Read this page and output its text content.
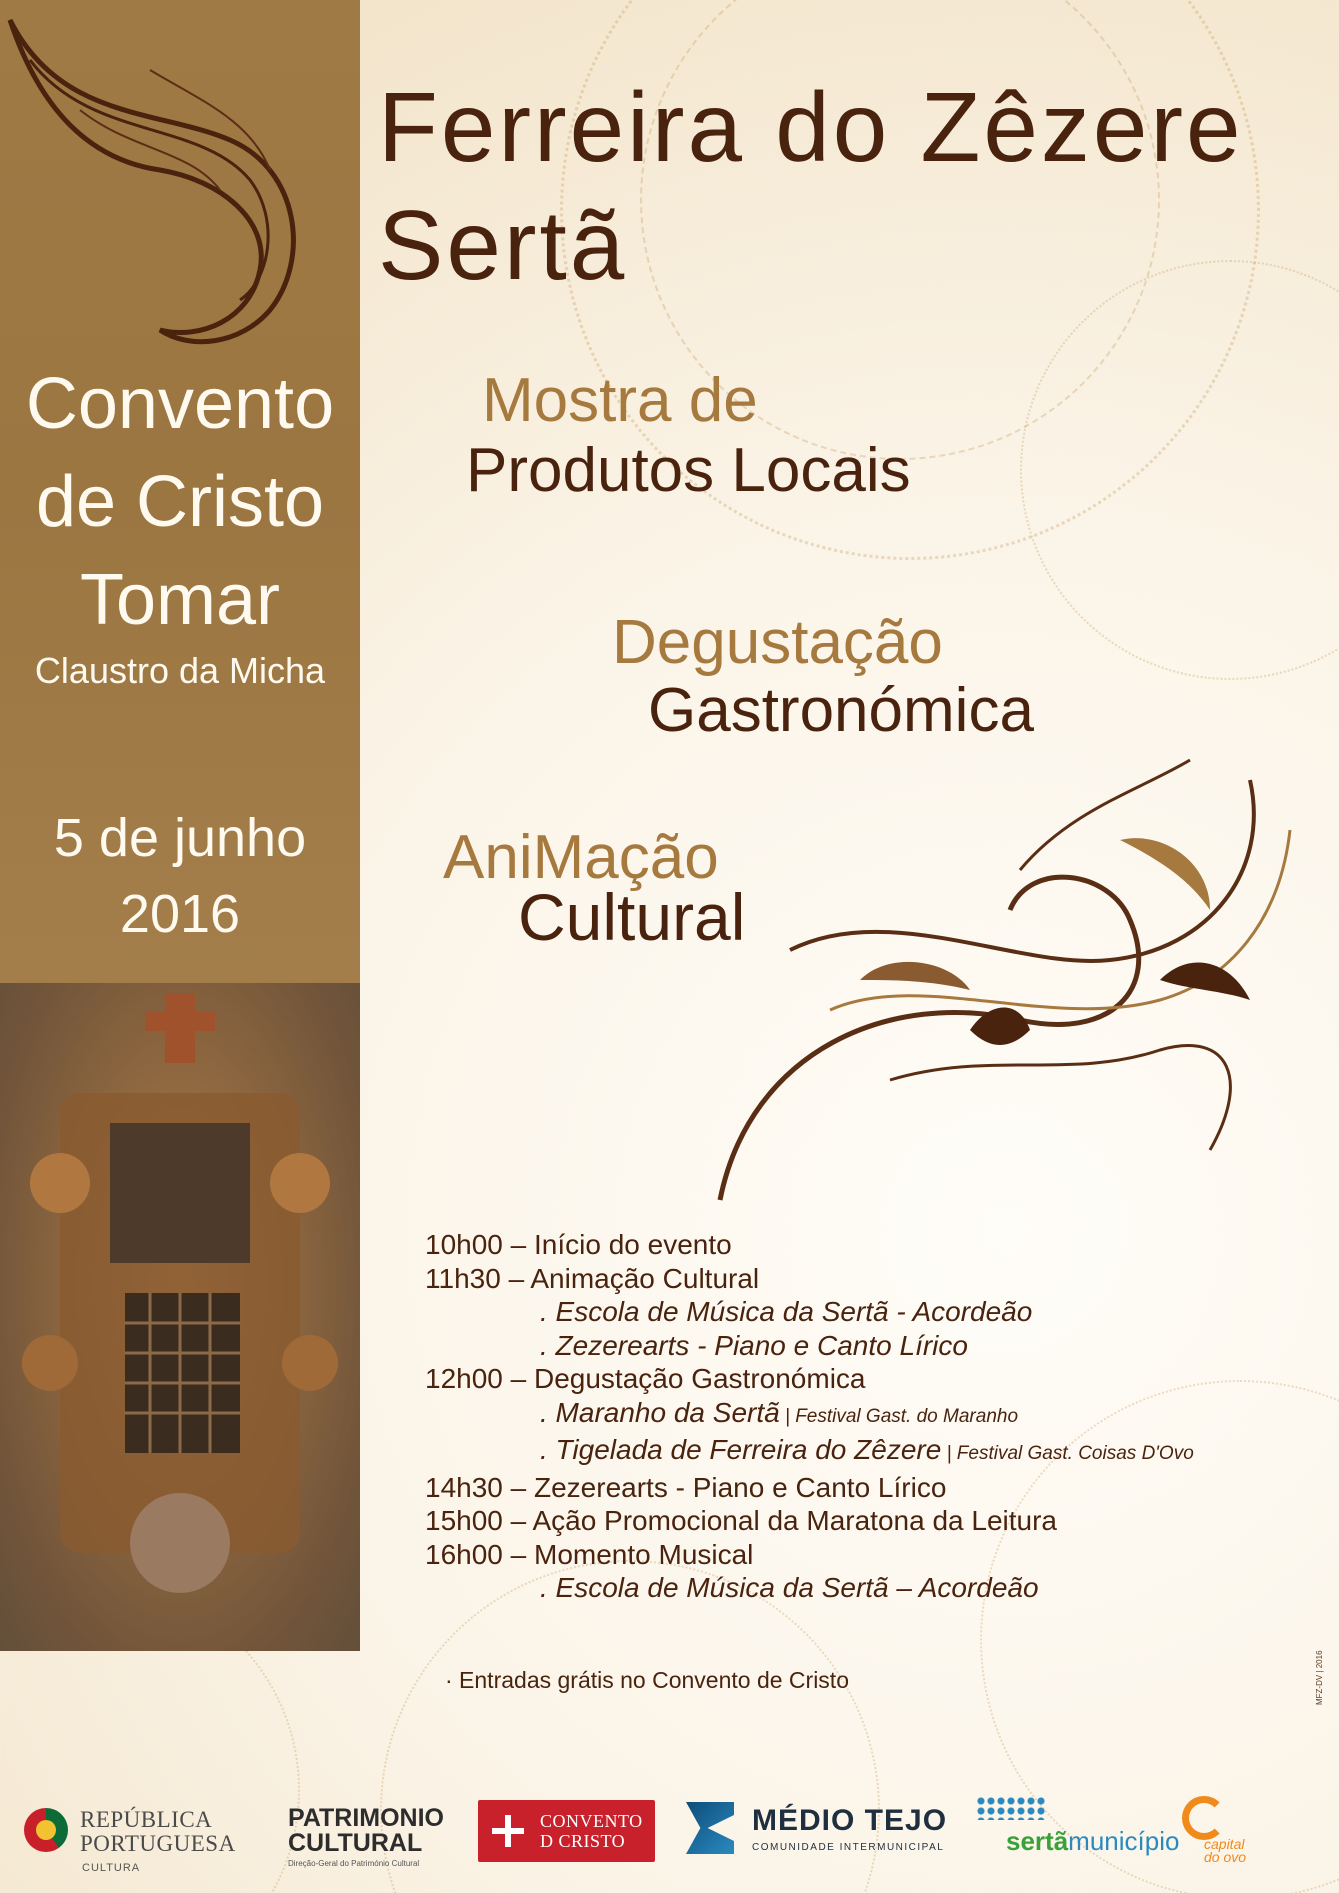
Convento
de Cristo
Tomar
Claustro da Micha
5 de junho
2016
Ferreira do Zêzere
Sertã
Mostra de
Produtos Locais
Degustação
Gastronómica
AniMação
Cultural
10h00 – Início do evento
11h30 – Animação Cultural
. Escola de Música da Sertã - Acordeão
. Zezerearts - Piano e Canto Lírico
12h00 – Degustação Gastronómica
. Maranho da Sertã | Festival Gast. do Maranho
. Tigelada de Ferreira do Zêzere | Festival Gast. Coisas D'Ovo
14h30 – Zezerearts - Piano e Canto Lírico
15h00 – Ação Promocional da Maratona da Leitura
16h00 – Momento Musical
. Escola de Música da Sertã – Acordeão
· Entradas grátis no Convento de Cristo	MFZ-DV | 2016
REPÚBLICA
PORTUGUESA
CULTURA
PATRIMONIO
CULTURAL
Direção-Geral do Património Cultural
CONVENTO
D CRISTO
MÉDIO TEJO
COMUNIDADE INTERMUNICIPAL sertãmunicípio capital
do ovo
